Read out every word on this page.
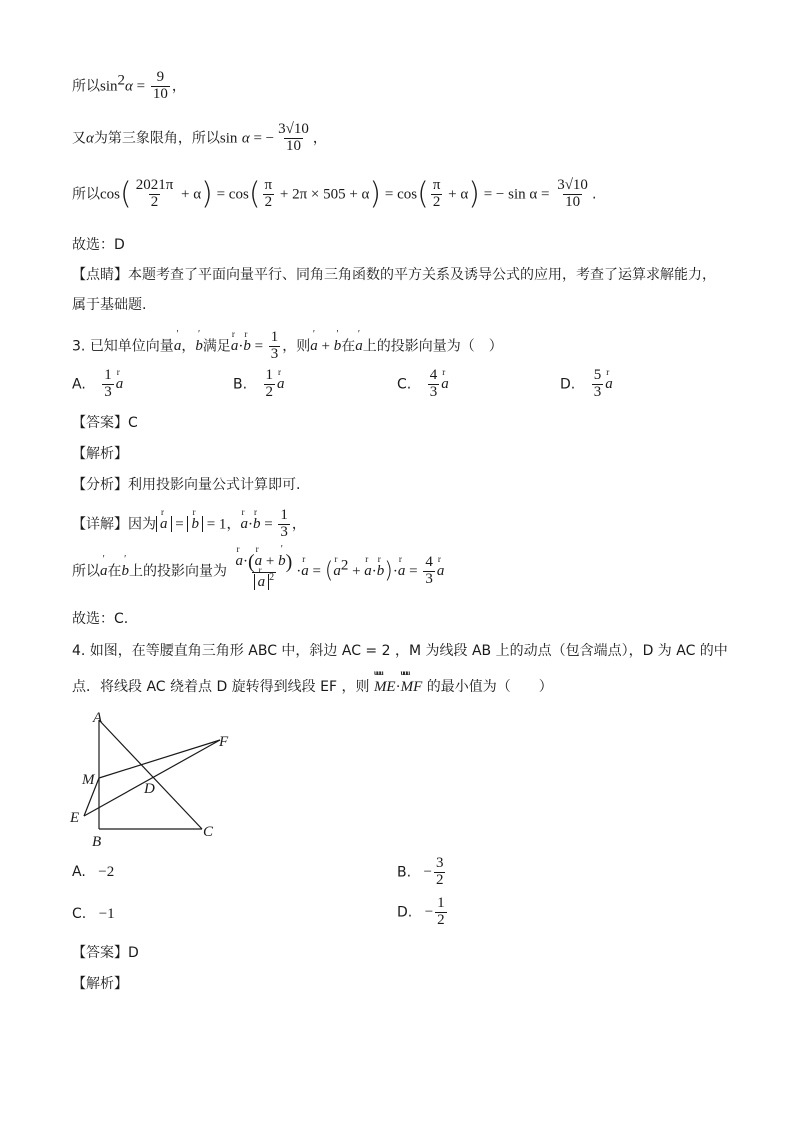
所以$\sin^2\alpha = \frac{9}{10}$ ，
又α为第三象限角，所以sin α = − $\frac{3√10}{10}$ ，
所以$\cos( \frac{2021\pi}{2} + \alpha) = \cos( \frac{\pi}{2} + 2\pi \times 505 + \alpha) = \cos( \frac{\pi}{2} + \alpha)$ = − $\sin \alpha = \frac{3√10}{10}$ .
故选：D
【点睛】本题考查了平面向量平行、同角三角函数的平方关系及诱导公式的应用，考查了运算求解能力，
属于基础题.
3. 已知单位向量' a，' b满足r a·r $b = \frac{1}{3}$ ，则' a + ' b在' a上的投影向量为（　）
A. $\frac{1}{3}$ r a	B. $\frac{1}{2}$ r a	C. $\frac{4}{3}$ r a	D. $\frac{5}{3}$ r a
【答案】C
【解析】
【分析】利用投影向量公式计算即可.
【详解】因为 r a = r b = 1，r a·r $b = \frac{1}{3}$ ，
所以' a在' b上的投影向量为 r a·(r a + ' b)
r a $^2$ ·r a = (r $a^2 + r$ a·r b)·r $a = \frac{4}{3}$ r a
故选：C.
4. 如图，在等腰直角三角形 ABC 中，斜边 AC = 2 ，M 为线段 AB 上的动点（包含端点），D 为 AC 的中
点．将线段 AC 绕着点 D 旋转得到线段 EF ，则 uuu ME·uuu MF 的最小值为（　　）
A
B
C
D
E
F
M
A. −2	B. − $\frac{3}{2}$
C. −1	D. − $\frac{1}{2}$
【答案】D
【解析】
